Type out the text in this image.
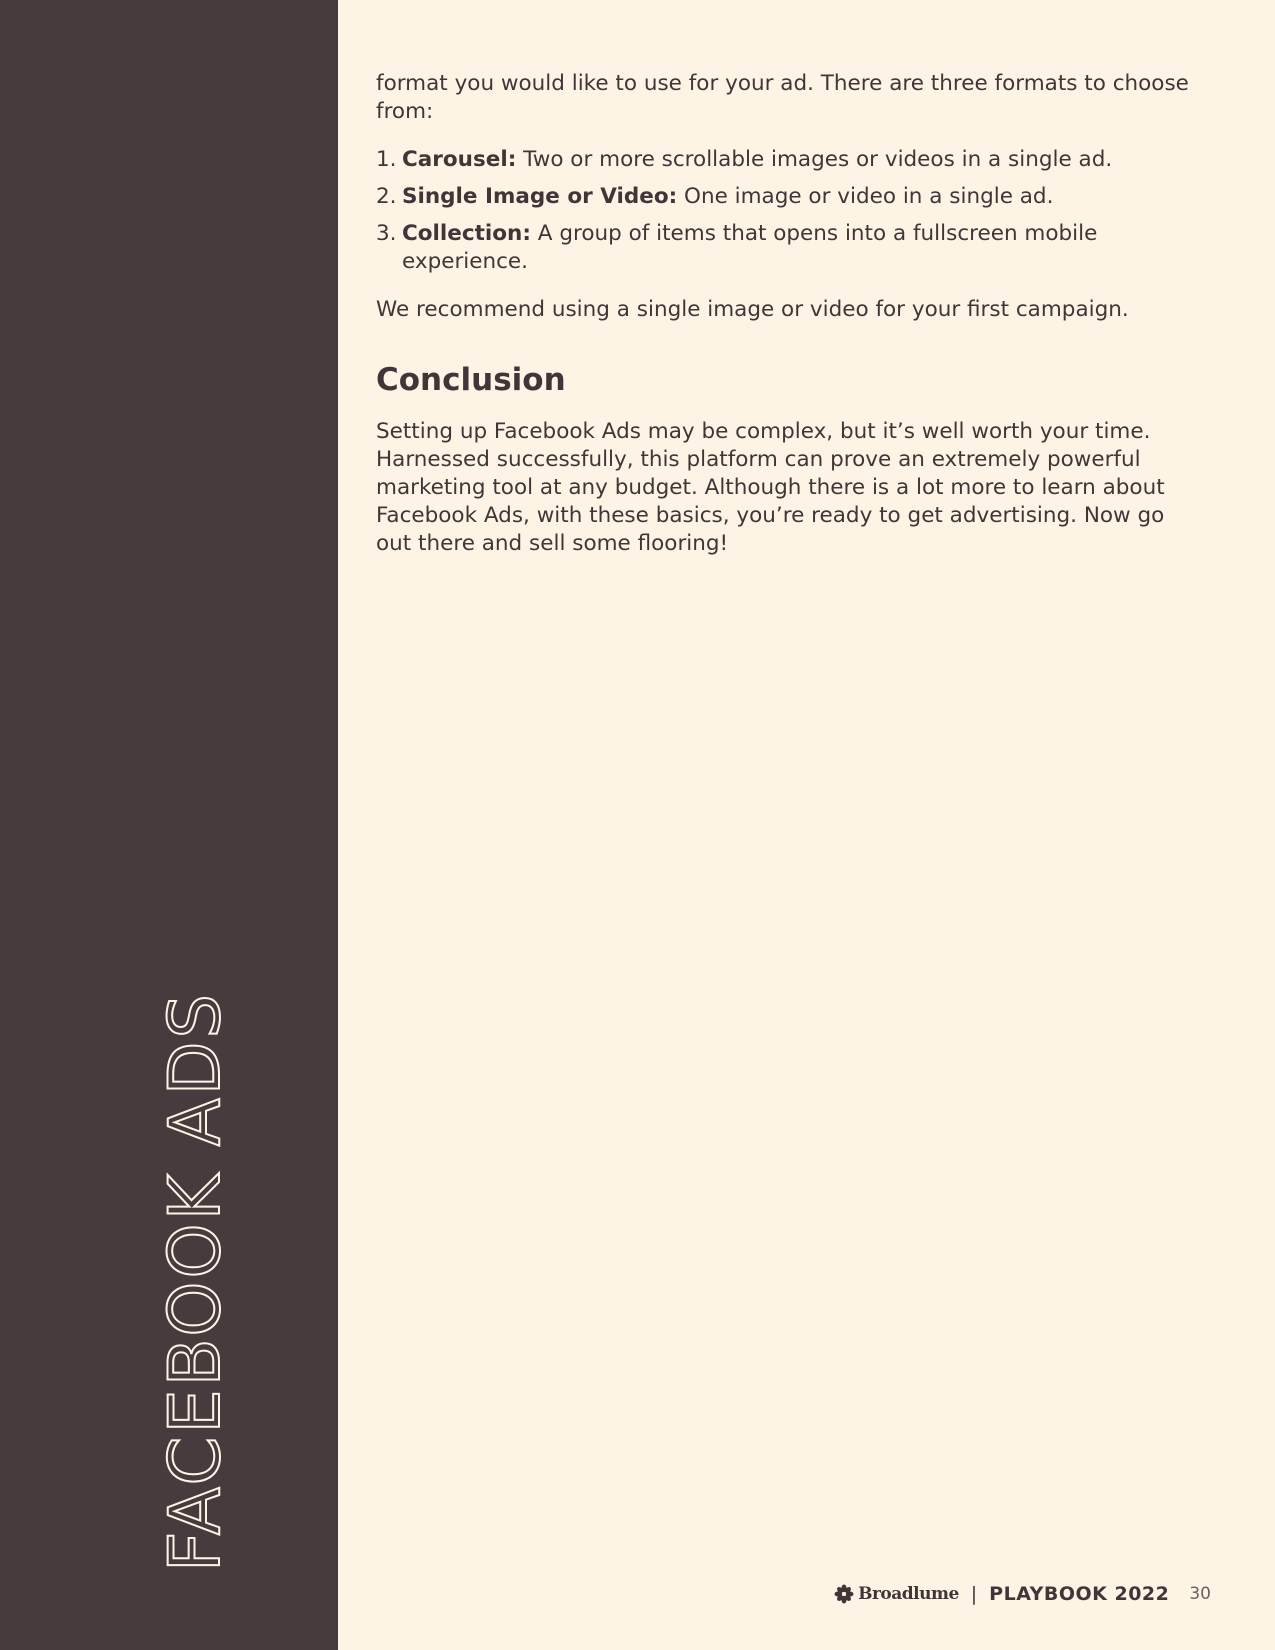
FACEBOOK ADS

format you would like to use for your ad. There are three formats to choose from:

1. Carousel: Two or more scrollable images or videos in a single ad.
2. Single Image or Video: One image or video in a single ad.
3. Collection: A group of items that opens into a fullscreen mobile experience.

We recommend using a single image or video for your first campaign.

Conclusion

Setting up Facebook Ads may be complex, but it’s well worth your time. Harnessed successfully, this platform can prove an extremely powerful marketing tool at any budget. Although there is a lot more to learn about Facebook Ads, with these basics, you’re ready to get advertising. Now go out there and sell some flooring!

Broadlume | PLAYBOOK 2022 30
